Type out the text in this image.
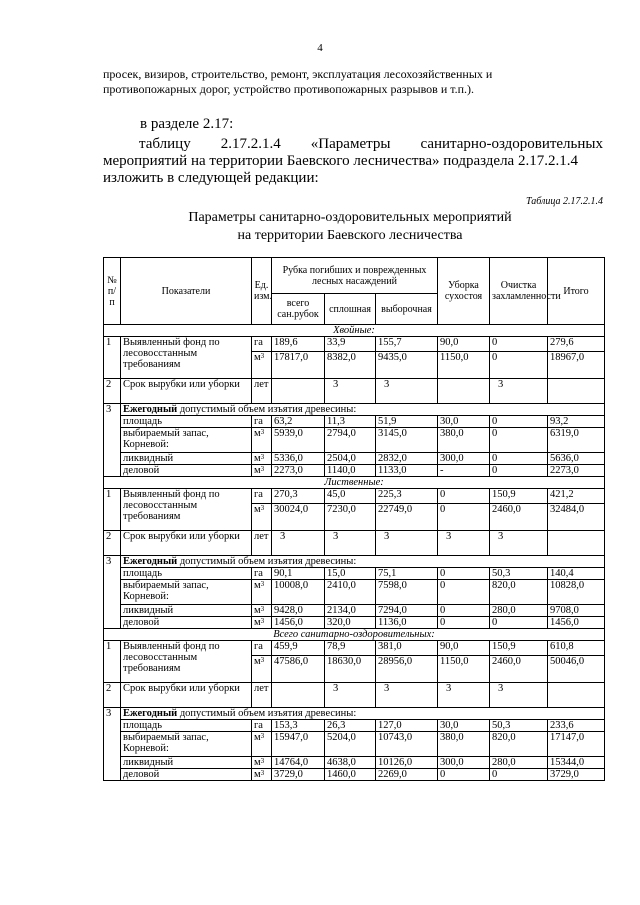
4

просек, визиров, строительство, ремонт, эксплуатация лесохозяйственных и

противопожарных дорог, устройство противопожарных разрывов и т.п.).

в разделе 2.17:

таблицу 2.17.2.1.4 «Параметры санитарно-оздоровительных

мероприятий на территории Баевского лесничества» подраздела 2.17.2.1.4

изложить в следующей редакции:

Таблица 2.17.2.1.4
Параметры санитарно-оздоровительных мероприятий
на территории Баевского лесничества
№ п/п	Показатели	Ед. изм.	Рубка погибших и поврежденных лесных насаждений			Уборка сухостоя	Очистка захламленности	Итого
			всего сан.рубок	сплошная	выборочная			
Хвойные:								
1	Выявленный фонд по лесовосстанным требованиям	га	189,6	33,9	155,7	90,0	0	279,6
		$м^3$	17817,0	8382,0	9435,0	1150,0	0	18967,0
2	Срок вырубки или уборки	лет		3	3		3	
3	Ежегодный допустимый объем изъятия древесины:							
	площадь	га	63,2	11,3	51,9	30,0	0	93,2
	выбираемый запас, Корневой:	$м^3$	5939,0	2794,0	3145,0	380,0	0	6319,0
	ликвидный	$м^3$	5336,0	2504,0	2832,0	300,0	0	5636,0
	деловой	$м^3$	2273,0	1140,0	1133,0	-	0	2273,0
Лиственные:								
1	Выявленный фонд по лесовосстанным требованиям	га	270,3	45,0	225,3	0	150,9	421,2
		$м^3$	30024,0	7230,0	22749,0	0	2460,0	32484,0
2	Срок вырубки или уборки	лет	3	3	3	3	3	
3	Ежегодный допустимый объем изъятия древесины:							
	площадь	га	90,1	15,0	75,1	0	50,3	140,4
	выбираемый запас, Корневой:	$м^3$	10008,0	2410,0	7598,0	0	820,0	10828,0
	ликвидный	$м^3$	9428,0	2134,0	7294,0	0	280,0	9708,0
	деловой	$м^3$	1456,0	320,0	1136,0	0	0	1456,0
Всего санитарно-оздоровительных:								
1	Выявленный фонд по лесовосстанным требованиям	га	459,9	78,9	381,0	90,0	150,9	610,8
		$м^3$	47586,0	18630,0	28956,0	1150,0	2460,0	50046,0
2	Срок вырубки или уборки	лет		3	3	3	3	
3	Ежегодный допустимый объем изъятия древесины:							
	площадь	га	153,3	26,3	127,0	30,0	50,3	233,6
	выбираемый запас, Корневой:	$м^3$	15947,0	5204,0	10743,0	380,0	820,0	17147,0
	ликвидный	$м^3$	14764,0	4638,0	10126,0	300,0	280,0	15344,0
	деловой	$м^3$	3729,0	1460,0	2269,0	0	0	3729,0
